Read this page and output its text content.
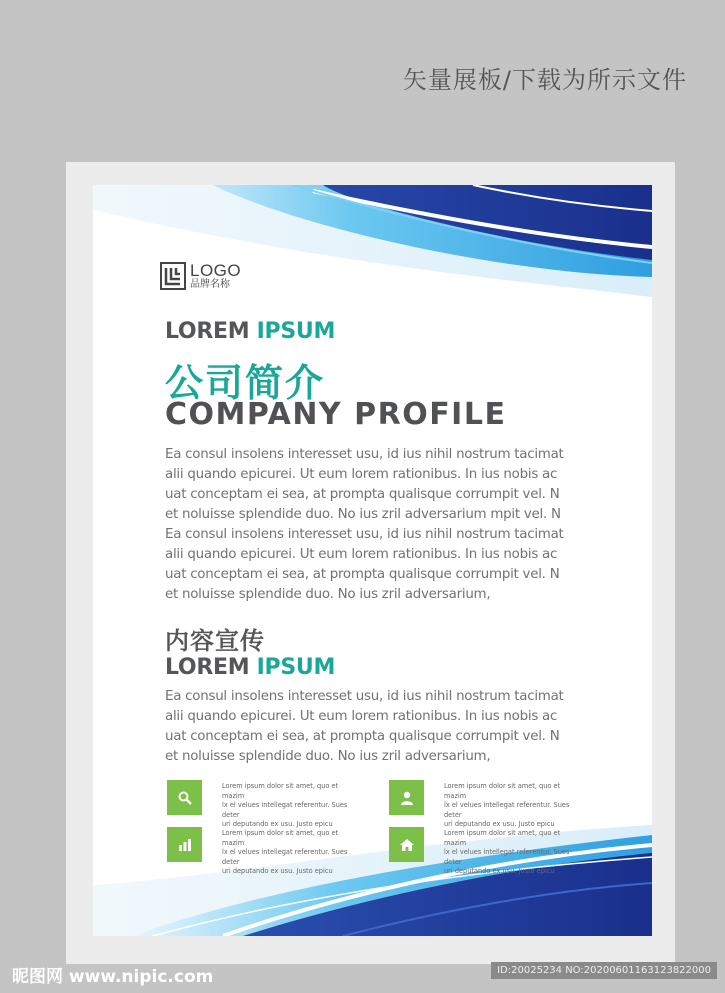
矢量展板/下载为所示文件
LOGO
品牌名称
LOREM IPSUM
公司简介
COMPANY PROFILE

Ea consul insolens interesset usu, id ius nihil nostrum tacimat
alii quando epicurei. Ut eum lorem rationibus. In ius nobis ac
uat conceptam ei sea, at prompta qualisque corrumpit vel. N
et noluisse splendide duo. No ius zril adversarium mpit vel. N
Ea consul insolens interesset usu, id ius nihil nostrum tacimat
alii quando epicurei. Ut eum lorem rationibus. In ius nobis ac
uat conceptam ei sea, at prompta qualisque corrumpit vel. N
et noluisse splendide duo. No ius zril adversarium,

内容宣传
LOREM IPSUM

Ea consul insolens interesset usu, id ius nihil nostrum tacimat
alii quando epicurei. Ut eum lorem rationibus. In ius nobis ac
uat conceptam ei sea, at prompta qualisque corrumpit vel. N
et noluisse splendide duo. No ius zril adversarium,

Lorem ipsum dolor sit amet, quo et mazim
lx el velues intellegat referentur. Sues deter
uri deputando ex usu. Justo epicu
Lorem ipsum dolor sit amet, quo et mazim
lx el velues intellegat referentur. Sues deter
uri deputando ex usu. Justo epicu
Lorem ipsum dolor sit amet, quo et mazim
lx el velues intellegat referentur. Sues deter
uri deputando ex usu. Justo epicu
Lorem ipsum dolor sit amet, quo et mazim
lx el velues intellegat referentur. Sues deter
uri deputando ex usu. Justo epicu
昵图网 www.nipic.com	ID:20025234 NO:20200601163123822000
